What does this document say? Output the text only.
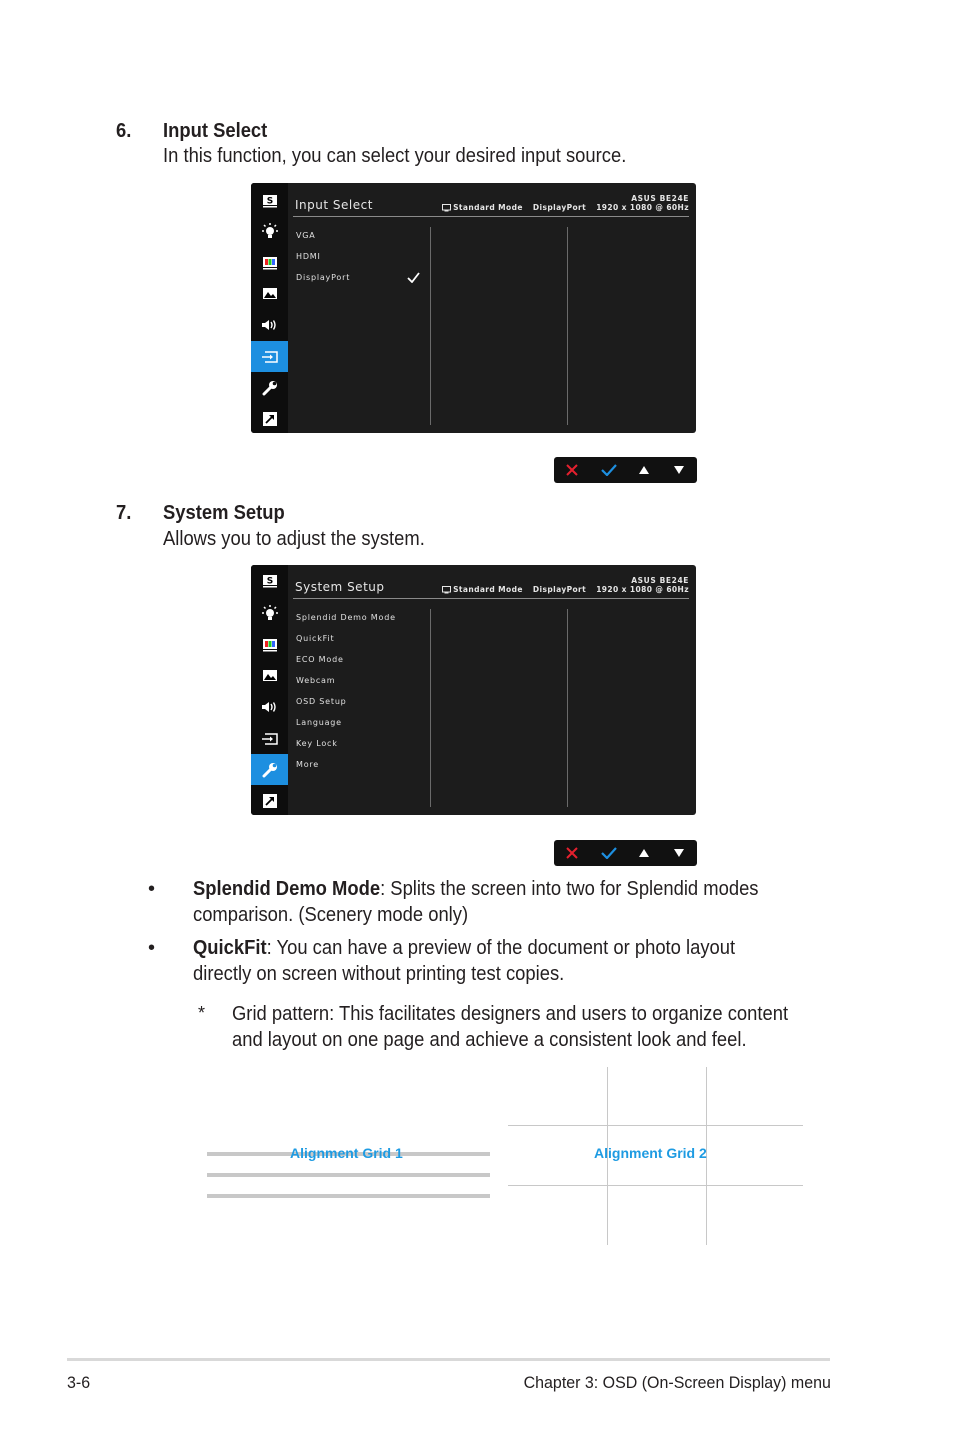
6. Input Select
In this function, you can select your desired input source.
S Input Select	ASUS BE24E
Standard Mode
DisplayPort
1920 x 1080 @ 60Hz
VGA
HDMI
DisplayPort
7. System Setup
Allows you to adjust the system.
S System Setup	ASUS BE24E
Standard Mode
DisplayPort
1920 x 1080 @ 60Hz
Splendid Demo Mode
QuickFit
ECO Mode
Webcam
OSD Setup
Language
Key Lock
More
• Splendid Demo Mode: Splits the screen into two for Splendid modes
comparison. (Scenery mode only)
• QuickFit: You can have a preview of the document or photo layout
directly on screen without printing test copies.
* Grid pattern: This facilitates designers and users to organize content
and layout on one page and achieve a consistent look and feel.
Alignment Grid 1	Alignment Grid 2
3-6	Chapter 3: OSD (On-Screen Display) menu
